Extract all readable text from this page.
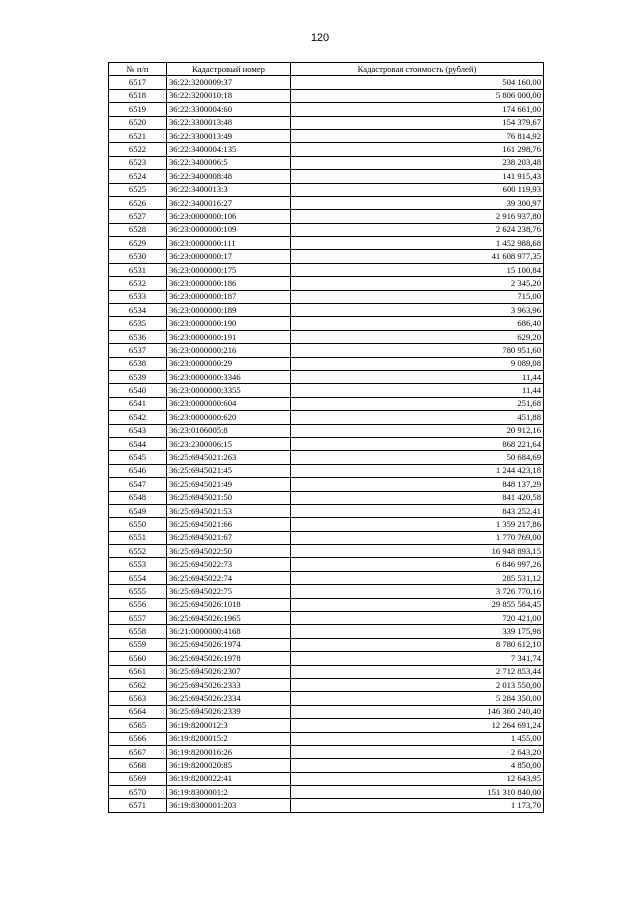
120
№ п/п	Кадастровый номер	Кадастровая стоимость (рублей)
6517	36:22:3200009:37	504 160,00
6518	36:22:3200010:18	5 806 000,00
6519	36:22:3300004:60	174 661,00
6520	36:22:3300013:48	154 379,67
6521	36:22:3300013:49	76 814,92
6522	36:22:3400004:135	161 298,76
6523	36:22:3400006:5	238 203,48
6524	36:22:3400008:48	141 915,43
6525	36:22:3400013:3	600 119,93
6526	36:22:3400016:27	39 300,97
6527	36:23:0000000:106	2 916 937,80
6528	36:23:0000000:109	2 624 238,76
6529	36:23:0000000:111	1 452 988,68
6530	36:23:0000000:17	41 608 977,35
6531	36:23:0000000:175	15 100,84
6532	36:23:0000000:186	2 345,20
6533	36:23:0000000:187	715,00
6534	36:23:0000000:189	3 963,96
6535	36:23:0000000:190	686,40
6536	36:23:0000000:191	629,20
6537	36:23:0000000:216	780 951,60
6538	36:23:0000000:29	9 089,08
6539	36:23:0000000:3346	11,44
6540	36:23:0000000:3355	11,44
6541	36:23:0000000:604	251,68
6542	36:23:0000000:620	451,88
6543	36:23:0106005:8	20 912,16
6544	36:23:2300006:15	868 221,64
6545	36:25:6945021:263	50 684,69
6546	36:25:6945021:45	1 244 423,18
6547	36:25:6945021:49	848 137,29
6548	36:25:6945021:50	841 420,58
6549	36:25:6945021:53	843 252,41
6550	36:25:6945021:66	1 359 217,86
6551	36:25:6945021:67	1 770 769,00
6552	36:25:6945022:50	16 948 893,15
6553	36:25:6945022:73	6 846 997,26
6554	36:25:6945022:74	285 531,12
6555	36:25:6945022:75	3 726 770,16
6556	36:25:6945026:1018	29 855 584,45
6557	36:25:6945026:1965	720 421,00
6558	36:21:0000000:4168	339 175,98
6559	36:25:6945026:1974	8 780 612,10
6560	36:25:6945026:1978	7 341,74
6561	36:25:6945026:2307	2 712 853,44
6562	36:25:6945026:2333	2 013 550,00
6563	36:25:6945026:2334	5 284 350,00
6564	36:25:6945026:2339	146 360 240,40
6565	36:19:8200012:3	12 264 691,24
6566	36:19:8200015:2	1 455,00
6567	36:19:8200016:26	2 643,20
6568	36:19:8200020:85	4 850,00
6569	36:19:8200022:41	12 643,95
6570	36:19:8300001:2	151 310 840,00
6571	36:19:8300001:203	1 173,70
